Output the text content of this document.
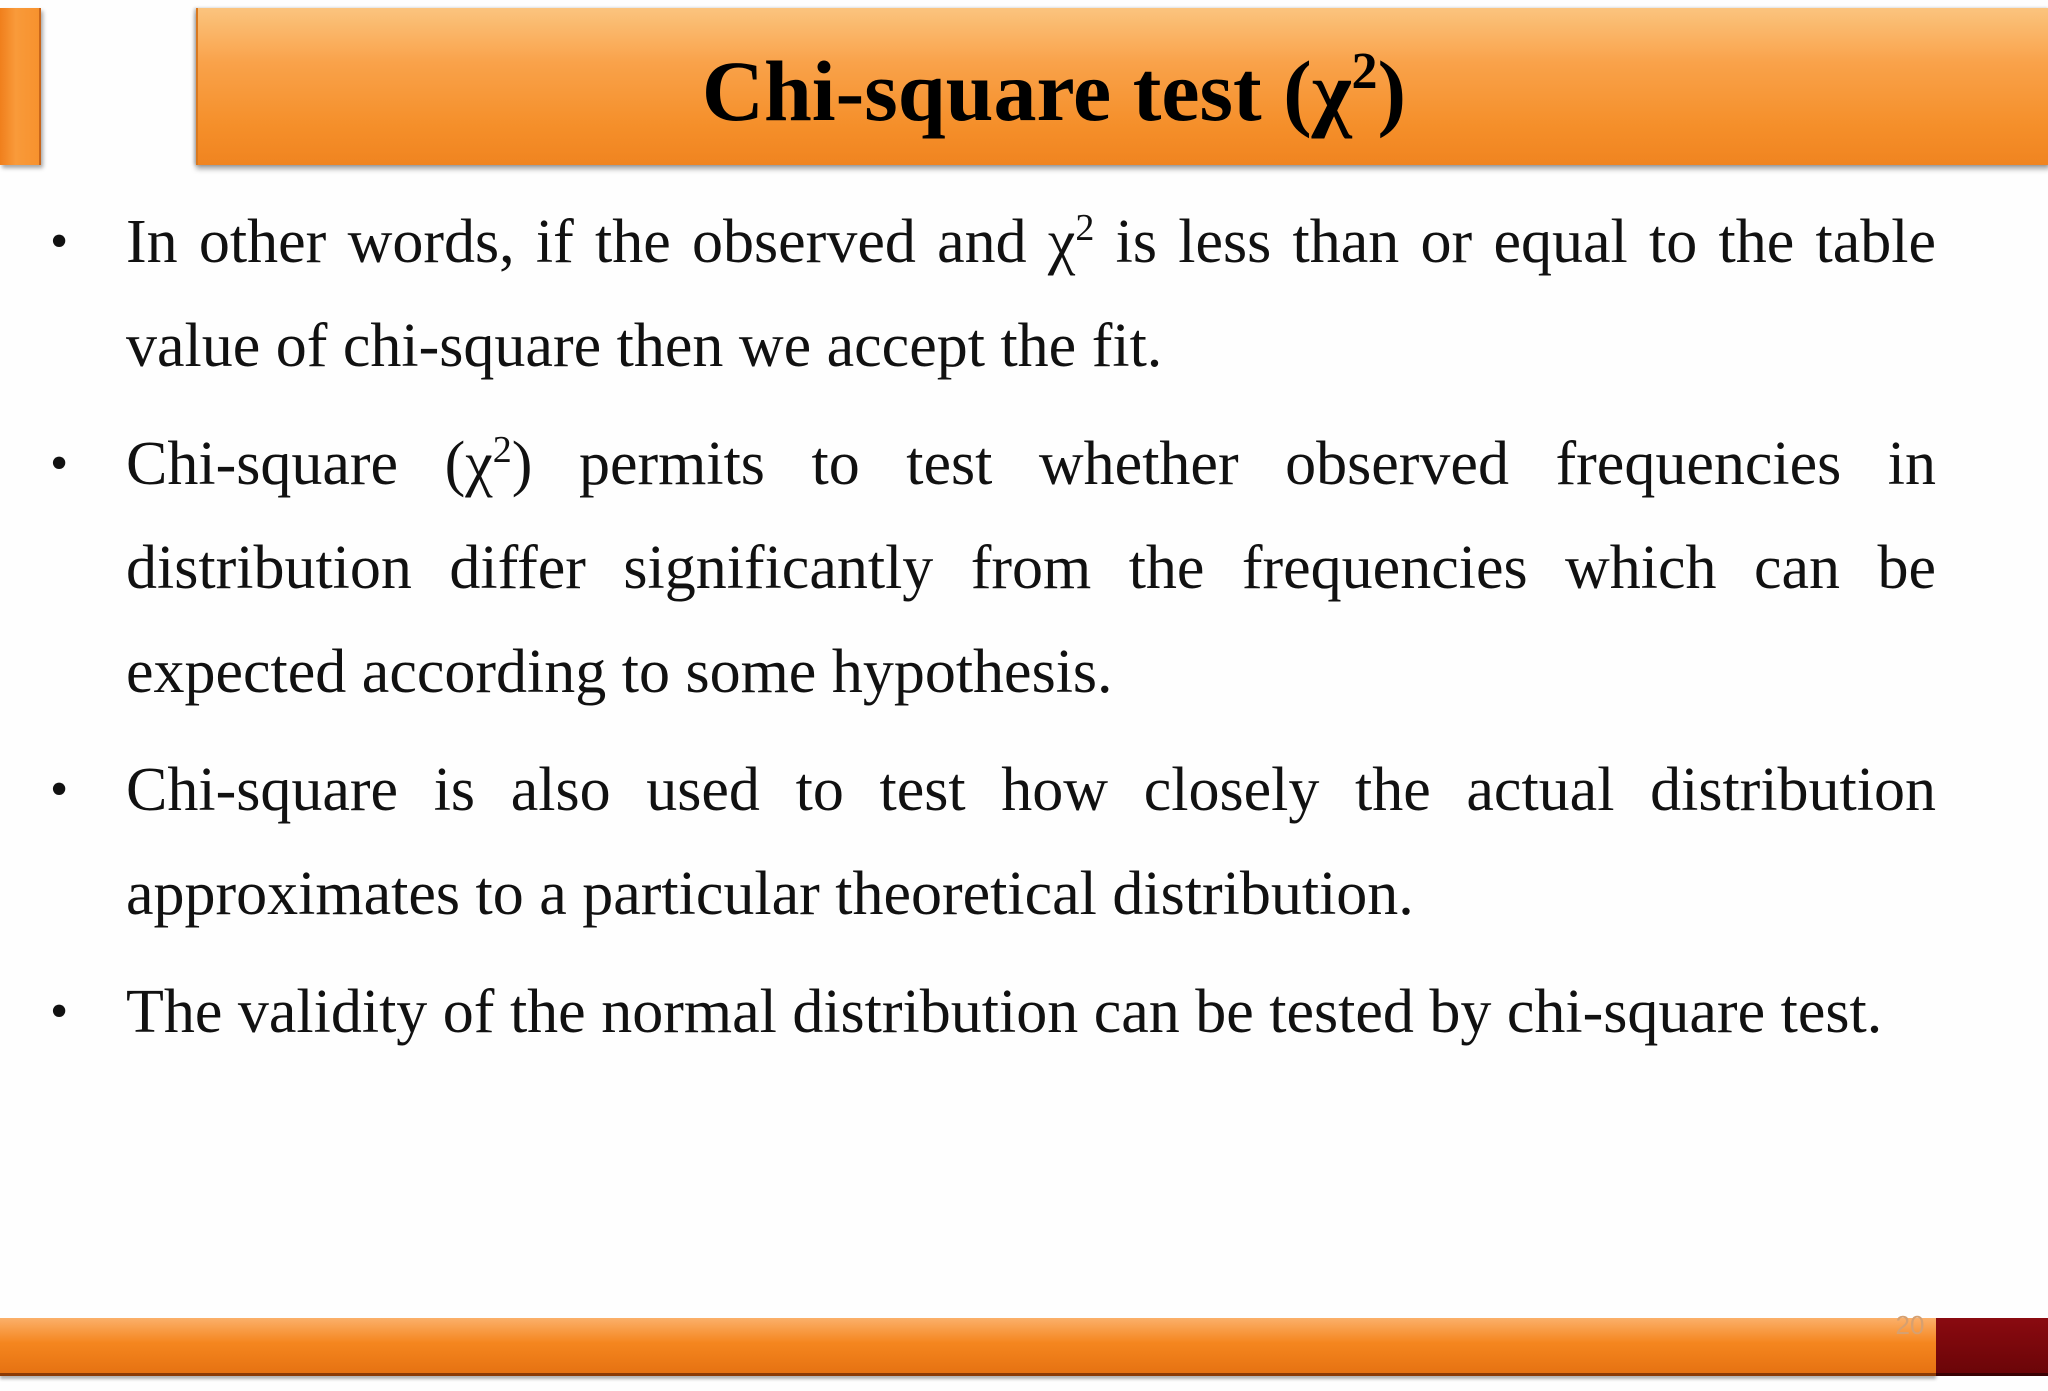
Chi-square test $(\chi^2)$
• In other words, if the observed and $\chi^2$ is less than or equal to the table value of chi-square then we accept the fit.
• Chi-square $(\chi^2)$ permits to test whether observed frequencies in distribution differ significantly from the frequencies which can be expected according to some hypothesis.
• Chi-square is also used to test how closely the actual distribution approximates to a particular theoretical distribution.
• The validity of the normal distribution can be tested by chi-square test.
20
